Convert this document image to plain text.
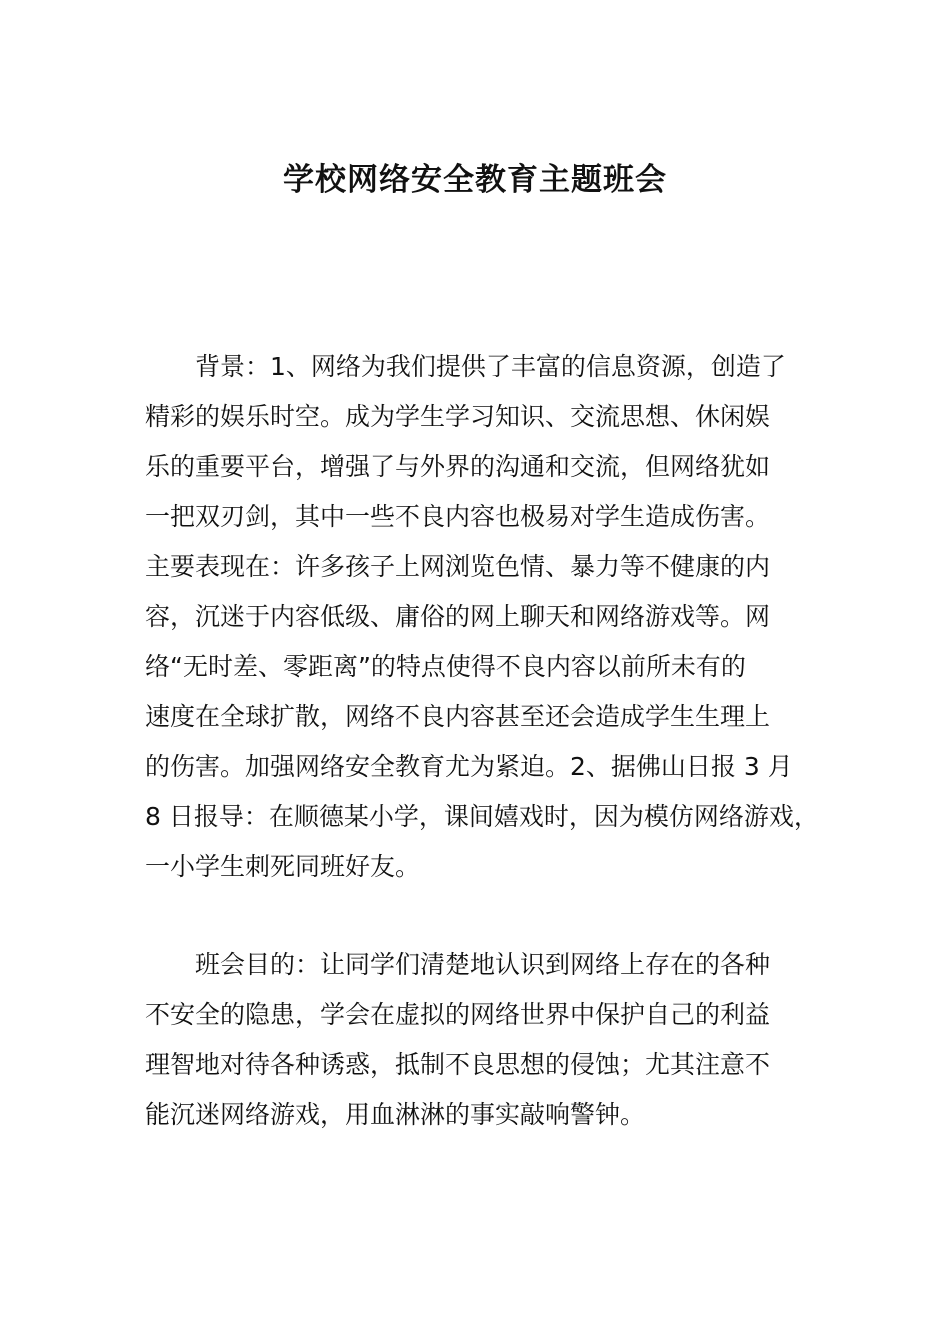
学校网络安全教育主题班会
背景：1、网络为我们提供了丰富的信息资源，创造了
精彩的娱乐时空。成为学生学习知识、交流思想、休闲娱
乐的重要平台，增强了与外界的沟通和交流，但网络犹如
一把双刃剑，其中一些不良内容也极易对学生造成伤害。
主要表现在：许多孩子上网浏览色情、暴力等不健康的内
容，沉迷于内容低级、庸俗的网上聊天和网络游戏等。网
络“无时差、零距离”的特点使得不良内容以前所未有的
速度在全球扩散，网络不良内容甚至还会造成学生生理上
的伤害。加强网络安全教育尤为紧迫。2、据佛山日报 3 月
8 日报导：在顺德某小学，课间嬉戏时，因为模仿网络游戏，
一小学生刺死同班好友。
班会目的：让同学们清楚地认识到网络上存在的各种
不安全的隐患，学会在虚拟的网络世界中保护自己的利益
理智地对待各种诱惑，抵制不良思想的侵蚀；尤其注意不
能沉迷网络游戏，用血淋淋的事实敲响警钟。
